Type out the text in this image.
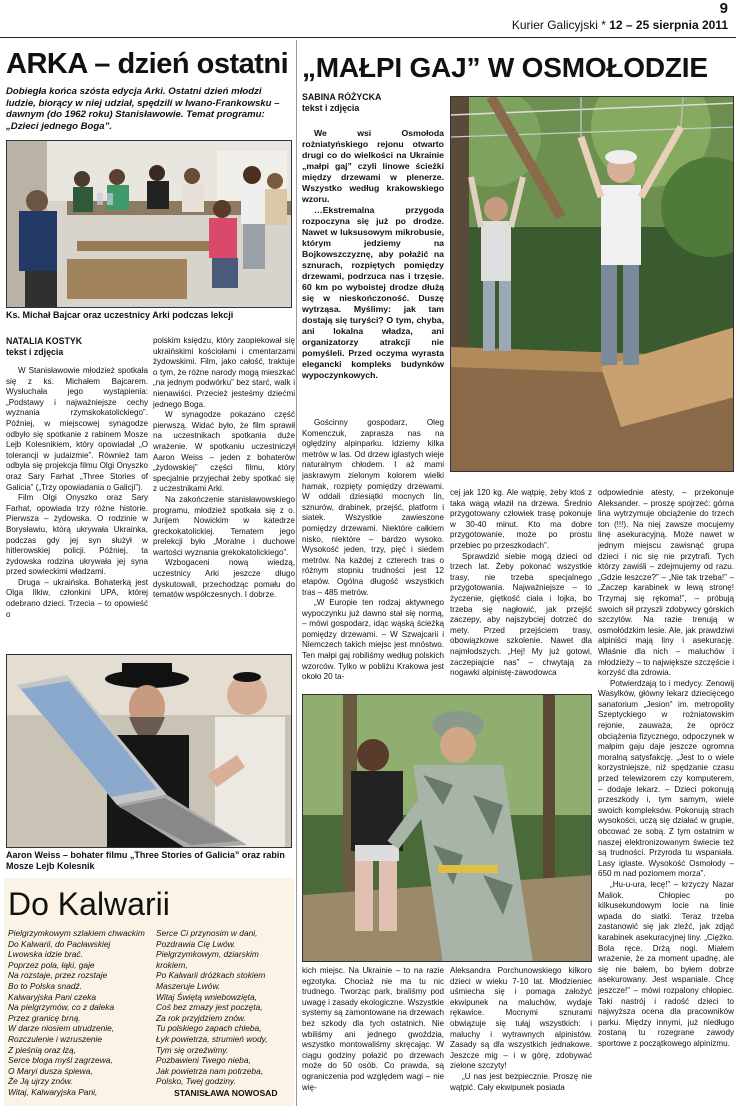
9
Kurier Galicyjski * 12 – 25 sierpnia 2011
ARKA – dzień ostatni
Dobiegła końca szósta edycja Arki. Ostatni dzień młodzi ludzie, biorący w niej udział, spędzili w Iwano-Frankowsku – dawnym (do 1962 roku) Stanisławowie. Temat programu: „Dzieci jednego Boga”.
Ks. Michał Bajcar oraz uczestnicy Arki podczas lekcji
NATALIA KOSTYK
tekst i zdjęcia

W Stanisławowie młodzież spotkała się z ks. Michałem Bajcarem. Wysłuchała jego wystąpienia: „Podstawy i najważniejsze cechy wyznania rzymskokatolickiego”. Później, w miejscowej synagodze odbyło się spotkanie z rabinem Mosze Lejb Kolesnikiem, który opowiadał „O tolerancji w judaizmie”. Również tam odbyła się projekcja filmu Olgi Onyszko oraz Sary Farhat „Three Stories of Galicia” („Trzy opowiadania o Galicji”).

Film Olgi Onyszko oraz Sary Farhat, opowiada trzy różne historie. Pierwsza – żydowska. O rodzinie w Borysławiu, którą ukrywała Ukrainka, podczas gdy jej syn służył w hitlerowskiej policji. Później, ta żydowska rodzina ukrywała jej syna przed sowieckimi władzami.

Druga – ukraińska. Bohaterką jest Olga Ilkiw, członkini UPA, której odebrano dzieci. Trzecia – to opowieść o

polskim księdzu, który zaopiekował się ukraińskimi kościołami i cmentarzami żydowskimi. Film, jako całość, traktuje o tym, że różne narody mogą mieszkać „na jednym podwórku” bez starć, walk i nienawiści. Przecież jesteśmy dziećmi jednego Boga.

W synagodze pokazano część pierwszą. Widać było, że film sprawił na uczestnikach spotkania duże wrażenie. W spotkaniu uczestniczył Aaron Weiss – jeden z bohaterów „żydowskiej” części filmu, który specjalnie przyjechał żeby spotkać się z uczestnikami Arki.

Na zakończenie stanisławowskiego programu, młodzież spotkała się z o. Jurijem Nowickim w katedrze greckokatolickiej. Tematem jego prelekcji było „Moralne i duchowe wartości wyznania grekokatolickiego”.

Wzbogaceni nową wiedzą, uczestnicy Arki jeszcze długo dyskutowali, przechodząc pomału do tematów współczesnych. I dobrze.

Aaron Weiss – bohater filmu „Three Stories of Galicia” oraz rabin Mosze Lejb Kolesnik
Do Kalwarii
Pielgrzymkowym szlakiem chwackim
Do Kalwarii, do Pacławskiej
Lwowska idzie brać.
Poprzez pola, łąki, gaje
Na rozstaje, przez rozstaje
Bo to Polska snadź.
Kalwaryjska Pani czeka
Na pielgrzymów, co z daleka
Przez granicę brną.
W darze niosiem utrudzenie,
Rozczulenie i wzruszenie
Z pieśnią oraz łzą,
Serce bloga myśl zagrzewa,
O Maryi dusza śpiewa,
Że Ją ujrzy znów.
Witaj, Kalwaryjska Pani,
Serce Ci przynosim w dani,
Pozdrawia Cię Lwów.
Pielgrzymkowym, dziarskim krokiem,
Po Kalwarii dróżkach stokiem
Maszeruje Lwów.
Witaj Świętą wniebowzięta,
Coś bez zmazy jest poczęta,
Za rok przyjdziem znów.
Tu polskiego zapach chleba,
Łyk powietrza, strumień wody,
Tym się orzeźwimy.
Pozbawieni Twego nieba,
Jak powietrza nam potrzeba,
Polsko, Twej godziny.
STANISŁAWA NOWOSAD
„MAŁPI GAJ” W OSMOŁODZIE
SABINA RÓŻYCKA
tekst i zdjęcia

We wsi Osmołoda rożniatyńskiego rejonu otwarto drugi co do wielkości na Ukrainie „małpi gaj” czyli linowe ścieżki między drzewami w plenerze. Wszystko według krakowskiego wzoru.

…Ekstremalna przygoda rozpoczyna się już po drodze. Nawet w luksusowym mikrobusie, którym jedziemy na Bojkowszczyznę, aby połaźić na sznurach, rozpiętych pomiędzy drzewami, podrzuca nas i trzęsie. 60 km po wyboistej drodze dłużą się w nieskończoność. Duszę wytrząsa. Myślimy: jak tam dostają się turyści? O tym, chyba, ani lokalna władza, ani organizatorzy atrakcji nie pomyśleli. Przed oczyma wyrasta elegancki kompleks budynków wypoczynkowych.

Gościnny gospodarz, Oleg Komenczuk, zaprasza nas na oględziny alpinparku. Idziemy kilka metrów w las. Od drzew iglastych wieje naturalnym chłodem. I aż mami jaskrawym zielonym kolorem wielki hamak, rozpięty pomiędzy drzewami. W oddali dziesiątki mocnych lin, sznurów, drabinek, przejść, platform i siatek. Wszystkie zawieszone pomiędzy drzewami. Niektóre całkiem nisko, niektóre – bardzo wysoko. Wysokość jeden, trzy, pięć i siedem metrów. Na każdej z czterech tras o różnym stopniu trudności jest 12 etapów. Ogólna długość wszystkich tras – 485 metrów.

„W Europie ten rodzaj aktywnego wypoczynku już dawno stał się normą, – mówi gospodarz, idąc wąską ścieżką pomiędzy drzewami. – W Szwajcarii i Niemczech takich miejsc jest mnóstwo. Ten małpi gaj robiliśmy według polskich wzorców. Tylko w pobliżu Krakowa jest około 20 ta-

cej jak 120 kg. Ale wątpię, żeby ktoś z taka wagą właził na drzewa. Średnio przygotowany człowiek trasę pokonuje w 30-40 minut. Kto ma dobre przygotowanie, może po prostu przebiec po przeszkodach”.

Sprawdzić siebie mogą dzieci od trzech lat. Żeby pokonać wszystkie trasy, nie trzeba specjalnego przygotowania. Najważniejsze – to życzenie, giętkość ciała i lojka, bo trzeba się nagłowić, jak przejść zaczepy, aby najszybciej dotrzeć do mety. Przed przejściem trasy, obowiązkowe szkolenie. Nawet dla najmłodszych. „Hej! My już gotowi, zaczepiajcie nas” – chwytają za nogawki alpinistę-zawodowca

odpowiednie atesty, – przekonuje Aleksander. – proszę spojrzeć: górna lina wytrzymuje obciążenie do trzech ton (!!!). Na niej zawsze mocujemy linę asekuracyjną. Może nawet w jednym miejscu zawisnąć grupa dzieci i nic się nie przytrafi. Tych którzy zawiśli – zdejmujemy od razu. „Gdzie leszcze?” – „Nie tak trzeba!” – „Zaczep karabinek w lewą stronę! Trzymaj się rękoma!”, – próbują swoich sił przyszli zdobywcy górskich szczytów. Na razie trenują w osmołódzkim lesie. Ale, jak prawdziwi alpiniści mają liny i asekurację. Właśnie dla nich – maluchów i młodzieży – to największe szczęście i korzyść dla zdrowia.

Potwierdzają to i medycy. Zenowij Wasylków, główny lekarz dziecięcego sanatorium „Jesion” im. metropolity Szeptyckiego w rożniatowskim rejonie, zauważa, że oprócz obciążenia fizycznego, odpoczynek w małpim gaju daje jeszcze ogromna moralną satysfakcję. „Jest to o wiele korzystniejsze, niż spędzanie czasu przed telewizorem czy komputerem, – dodaje lekarz. – Dzieci pokonują przeszkody i, tym samym, wiele swoich kompleksów. Pokonują strach wysokości, uczą się działać w grupie, obcować ze sobą. Z tym ostatnim w naszej elektronizowanym świecie też są trudności. Przyroda tu wspaniała. Lasy iglaste. Wysokość Osmołody – 650 m nad poziomem morza”.

„Hu-u-ura, lecę!” – krzyczy Nazar Maliok. Chłopiec po kilkusekundowym locie na linie wpada do siatki. Teraz trzeba zastanowić się jak zleźć, jak zdjąć karabinek asekuracyjnej liny. „Ciężko. Bola ręce. Drżą nogi. Miałem wrażenie, że za moment upadnę, ale się nie bałem, bo byłem dobrze asekurowany. Jest wspaniale. Chcę jeszcze!” – mówi rozpalony chłopiec. Taki nastrój i radość dzieci to najwyższa ocena dla pracowników parku. Między innymi, już niedługo zostaną tu rozegrane zawody sportowe z początkowego alpinizmu.

kich miejsc. Na Ukrainie – to na razie egzotyka. Chociaż nie ma tu nic trudnego. Tworząc park, braliśmy pod uwagę i zasady ekologiczne. Wszystkie systemy są zamontowane na drzewach bez szkody dla tych ostatnich. Nie wbiliśmy ani jednego gwoździa, wszystko montowaliśmy skręcając. W ciągu godziny połazić po drzewach może do 50 osób. Co prawda, są ograniczenia pod względem wagi – nie wię-

Aleksandra Porchunowskiego kilkoro dzieci w wieku 7-10 lat. Młodzieniec uśmiecha się i pomaga założyć ekwipunek na maluchów, wydaje rękawice. Mocnymi sznurami obwiązuje się tułąj wszystkich: i maluchy i wytrawnych alpinistów. Zasady są dla wszystkich jednakowe. Jeszcze mig – i w górę, zdobywać zielone szczyty!

„U nas jest bezpiecznie. Proszę nie wątpić. Cały ekwipunek posiada
